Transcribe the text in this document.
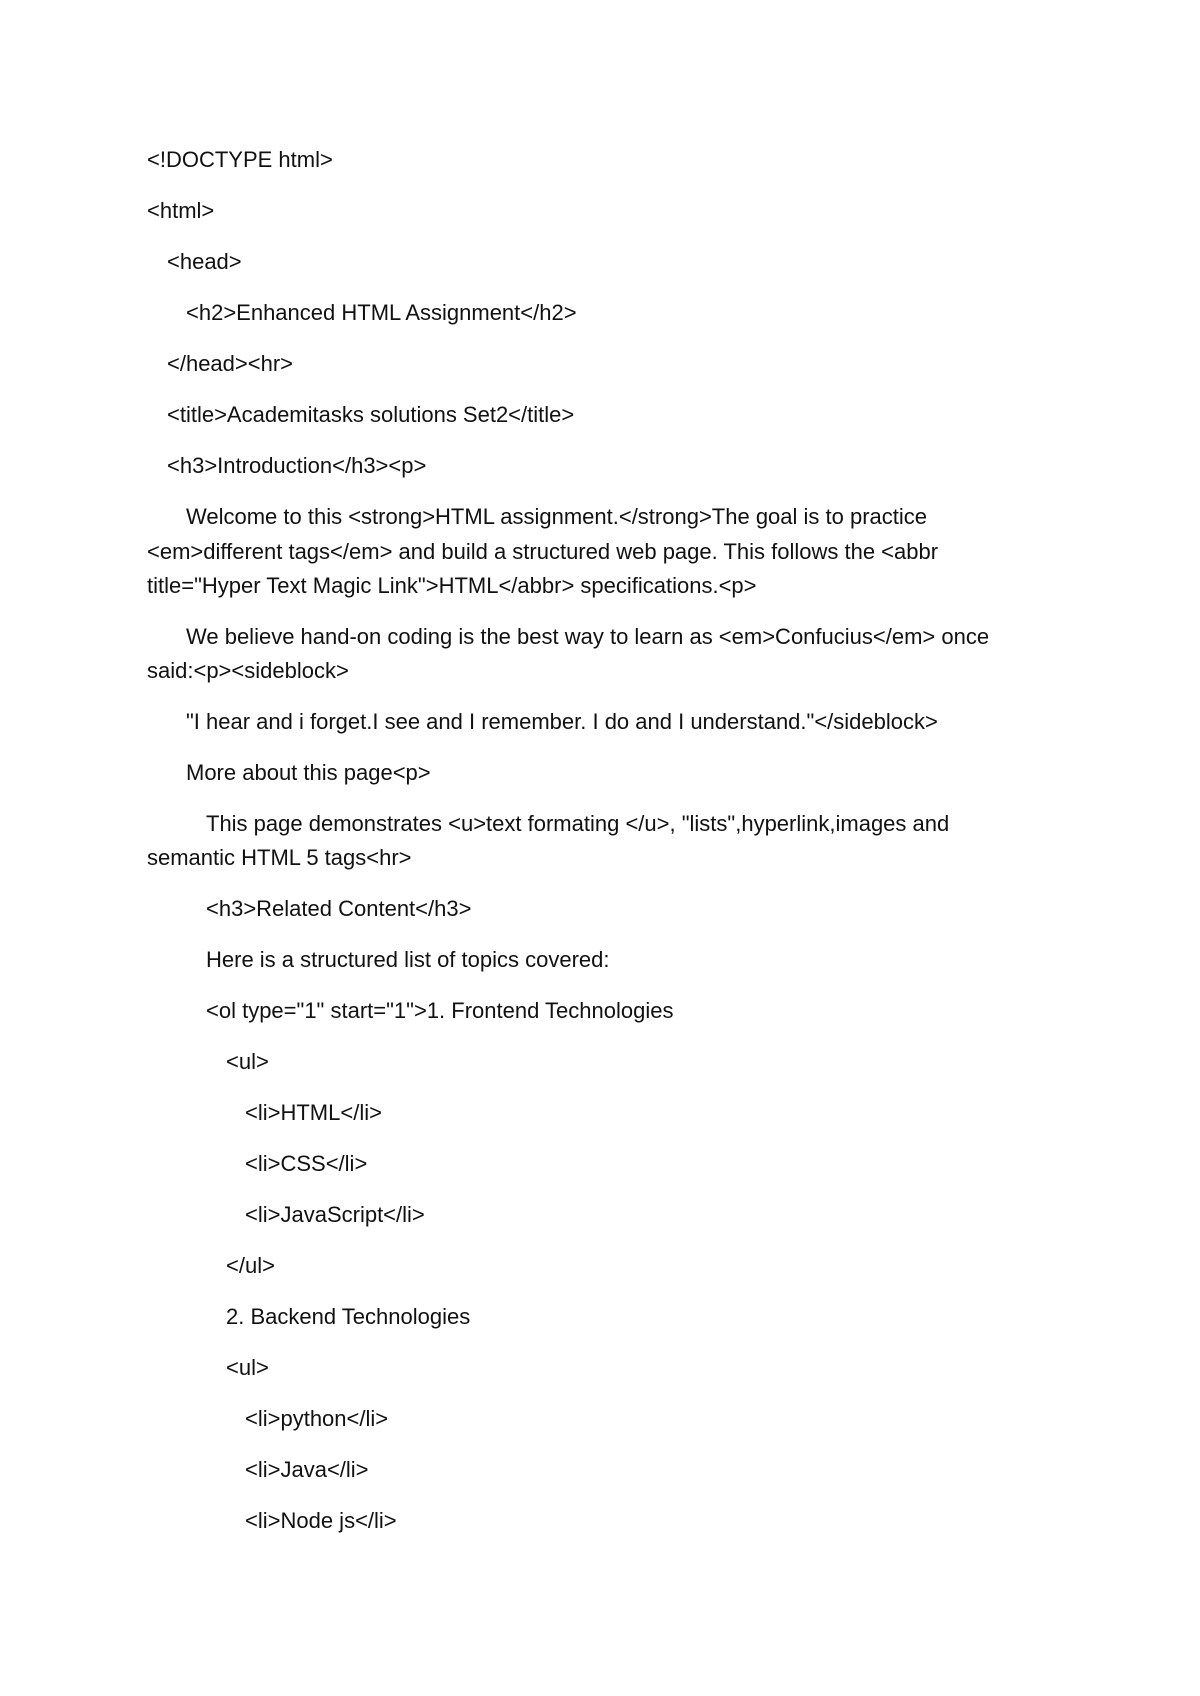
<!DOCTYPE html>

<html>

<head>

<h2>Enhanced HTML Assignment</h2>

</head><hr>

<title>Academitasks solutions Set2</title>

<h3>Introduction</h3><p>

Welcome to this <strong>HTML assignment.</strong>The goal is to practice

<em>different tags</em> and build a structured web page. This follows the <abbr

title="Hyper Text Magic Link">HTML</abbr> specifications.<p>

We believe hand-on coding is the best way to learn as <em>Confucius</em> once

said:<p><sideblock>

"I hear and i forget.I see and I remember. I do and I understand."</sideblock>

More about this page<p>

This page demonstrates <u>text formating </u>, "lists",hyperlink,images and

semantic HTML 5 tags<hr>

<h3>Related Content</h3>

Here is a structured list of topics covered:

<ol type="1" start="1">1. Frontend Technologies

<ul>

<li>HTML</li>

<li>CSS</li>

<li>JavaScript</li>

</ul>

2. Backend Technologies

<ul>

<li>python</li>

<li>Java</li>

<li>Node js</li>
